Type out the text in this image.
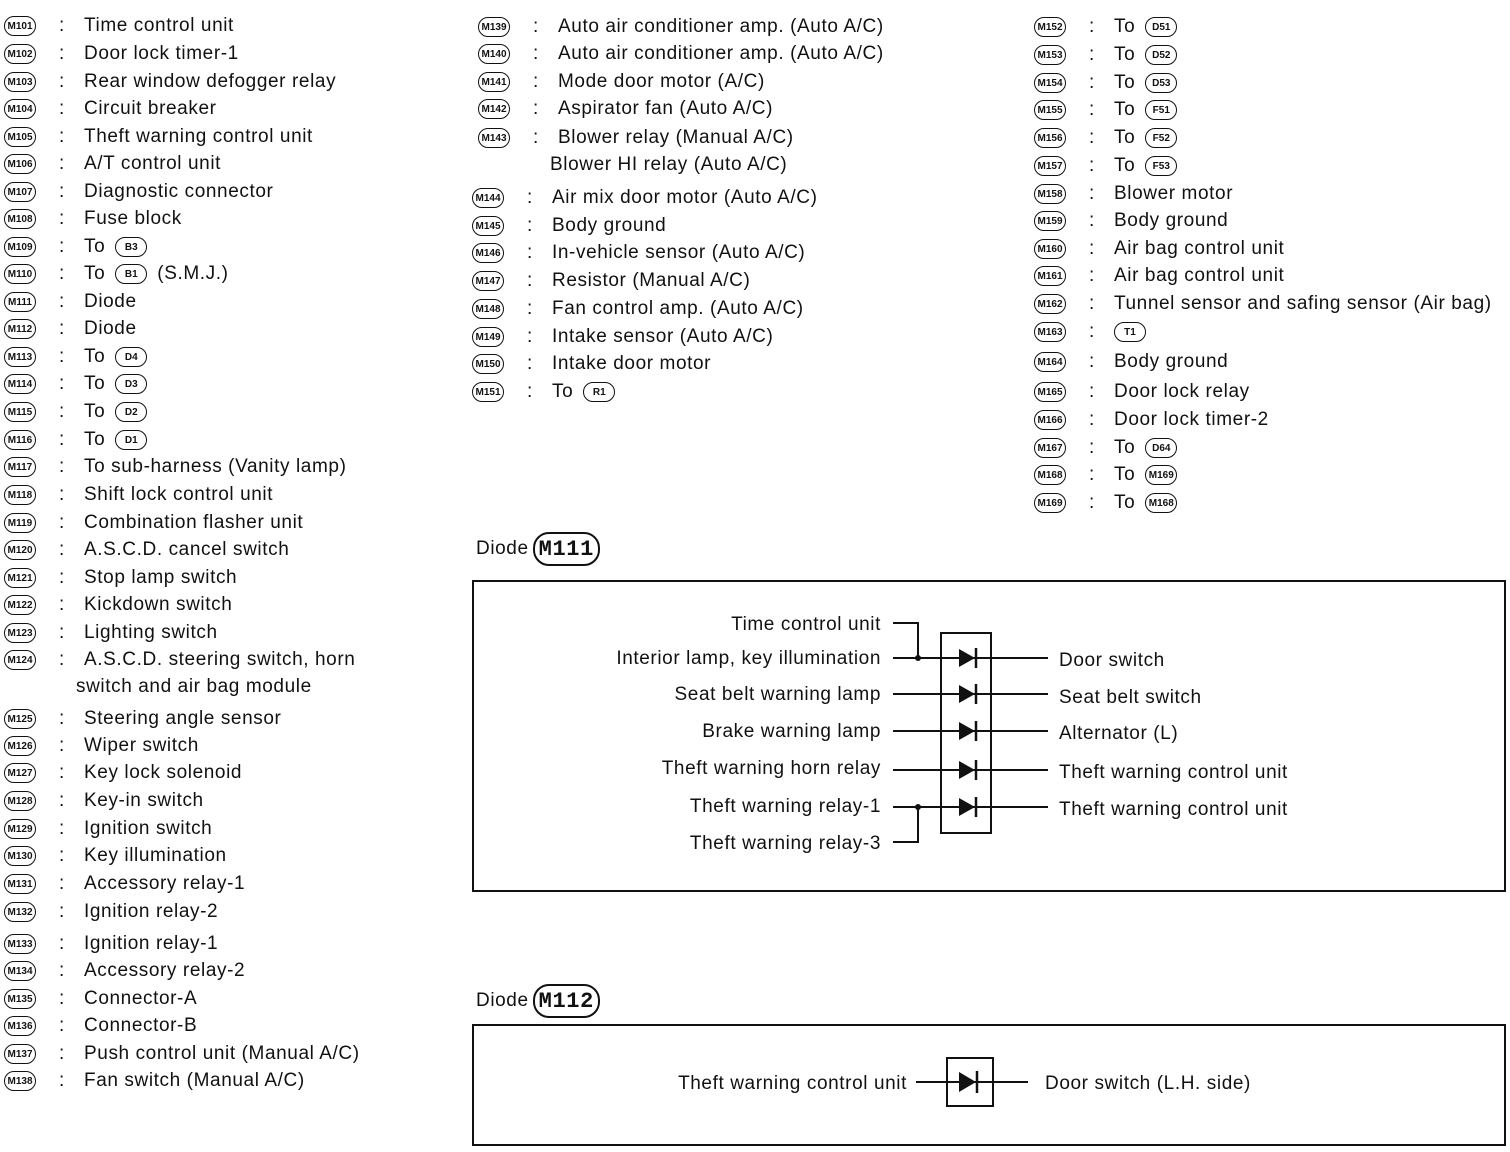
M101 : Time control unit
M102 : Door lock timer-1
M103 : Rear window defogger relay
M104 : Circuit breaker
M105 : Theft warning control unit
M106 : A/T control unit
M107 : Diagnostic connector
M108 : Fuse block
M109 : To	B3
M110 : To	B1	(S.M.J.)
M111 : Diode
M112 : Diode
M113 : To	D4
M114 : To	D3
M115 : To	D2
M116 : To	D1
M117 : To sub-harness (Vanity lamp)
M118 : Shift lock control unit
M119 : Combination flasher unit
M120 : A.S.C.D. cancel switch
M121 : Stop lamp switch
M122 : Kickdown switch
M123 : Lighting switch
M124 : A.S.C.D. steering switch, horn
switch and air bag module
M125 : Steering angle sensor
M126 : Wiper switch
M127 : Key lock solenoid
M128 : Key-in switch
M129 : Ignition switch
M130 : Key illumination
M131 : Accessory relay-1
M132 : Ignition relay-2
M133 : Ignition relay-1
M134 : Accessory relay-2
M135 : Connector-A
M136 : Connector-B
M137 : Push control unit (Manual A/C)
M138 : Fan switch (Manual A/C)
M139 : Auto air conditioner amp. (Auto A/C)
M140 : Auto air conditioner amp. (Auto A/C)
M141 : Mode door motor (A/C)
M142 : Aspirator fan (Auto A/C)
M143 : Blower relay (Manual A/C)
Blower HI relay (Auto A/C)
M144 : Air mix door motor (Auto A/C)
M145 : Body ground
M146 : In-vehicle sensor (Auto A/C)
M147 : Resistor (Manual A/C)
M148 : Fan control amp. (Auto A/C)
M149 : Intake sensor (Auto A/C)
M150 : Intake door motor
M151 : To	R1
M152 : To	D51
M153 : To	D52
M154 : To	D53
M155 : To	F51
M156 : To	F52
M157 : To	F53
M158 : Blower motor
M159 : Body ground
M160 : Air bag control unit
M161 : Air bag control unit
M162 : Tunnel sensor and safing sensor (Air bag)
M163 :	T1
M164 : Body ground
M165 : Door lock relay
M166 : Door lock timer-2
M167 : To	D64
M168 : To	M169
M169 : To	M168
Diode M111
Time control unit
Interior lamp, key illumination
Seat belt warning lamp
Brake warning lamp
Theft warning horn relay
Theft warning relay-1
Theft warning relay-3
Door switch
Seat belt switch
Alternator (L)
Theft warning control unit
Theft warning control unit
Diode M112
Theft warning control unit	Door switch (L.H. side)
